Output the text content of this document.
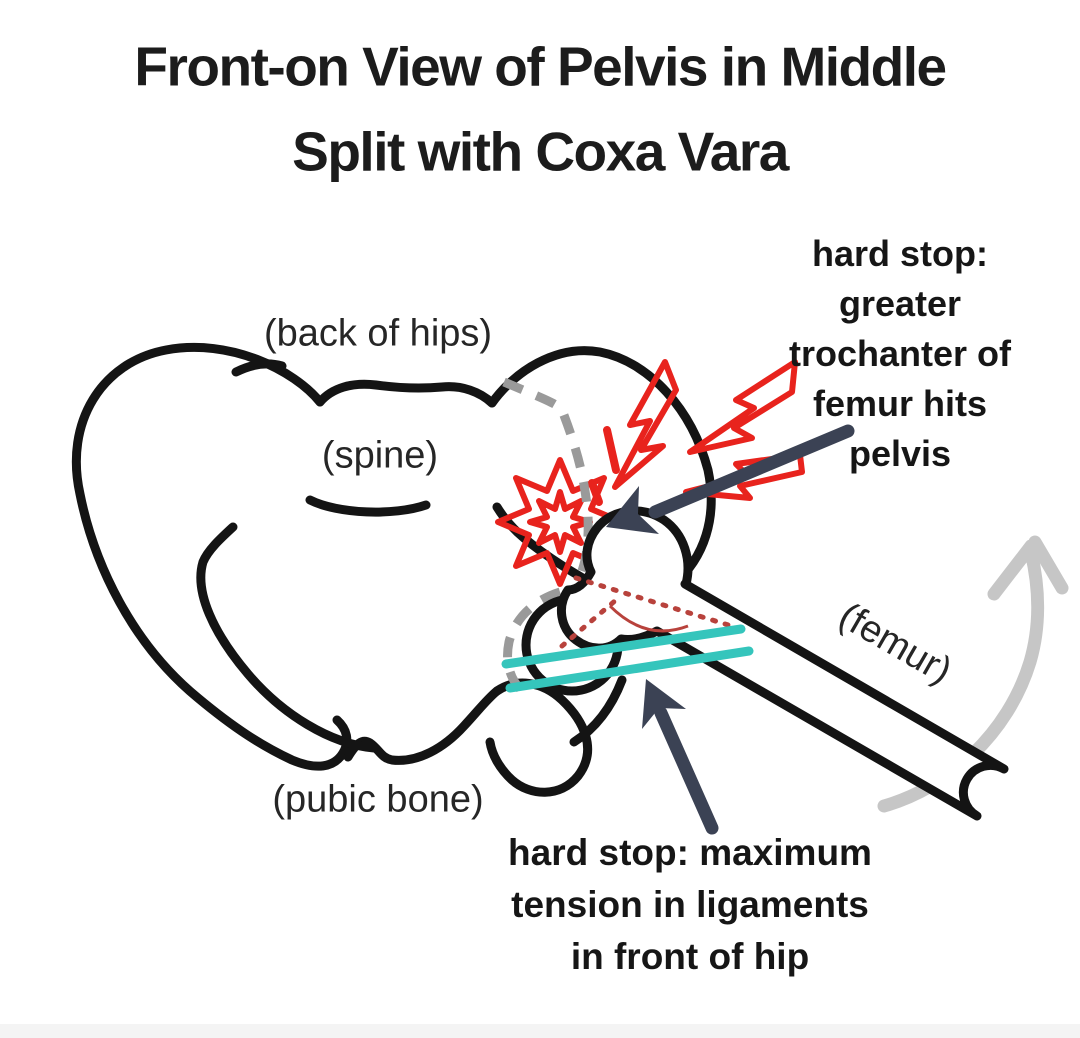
Front-on View of Pelvis in Middle
Split with Coxa Vara
(back of hips)
(spine)
(pubic bone)
(femur)
hard stop:
greater
trochanter of
femur hits
pelvis
hard stop: maximum
tension in ligaments
in front of hip
